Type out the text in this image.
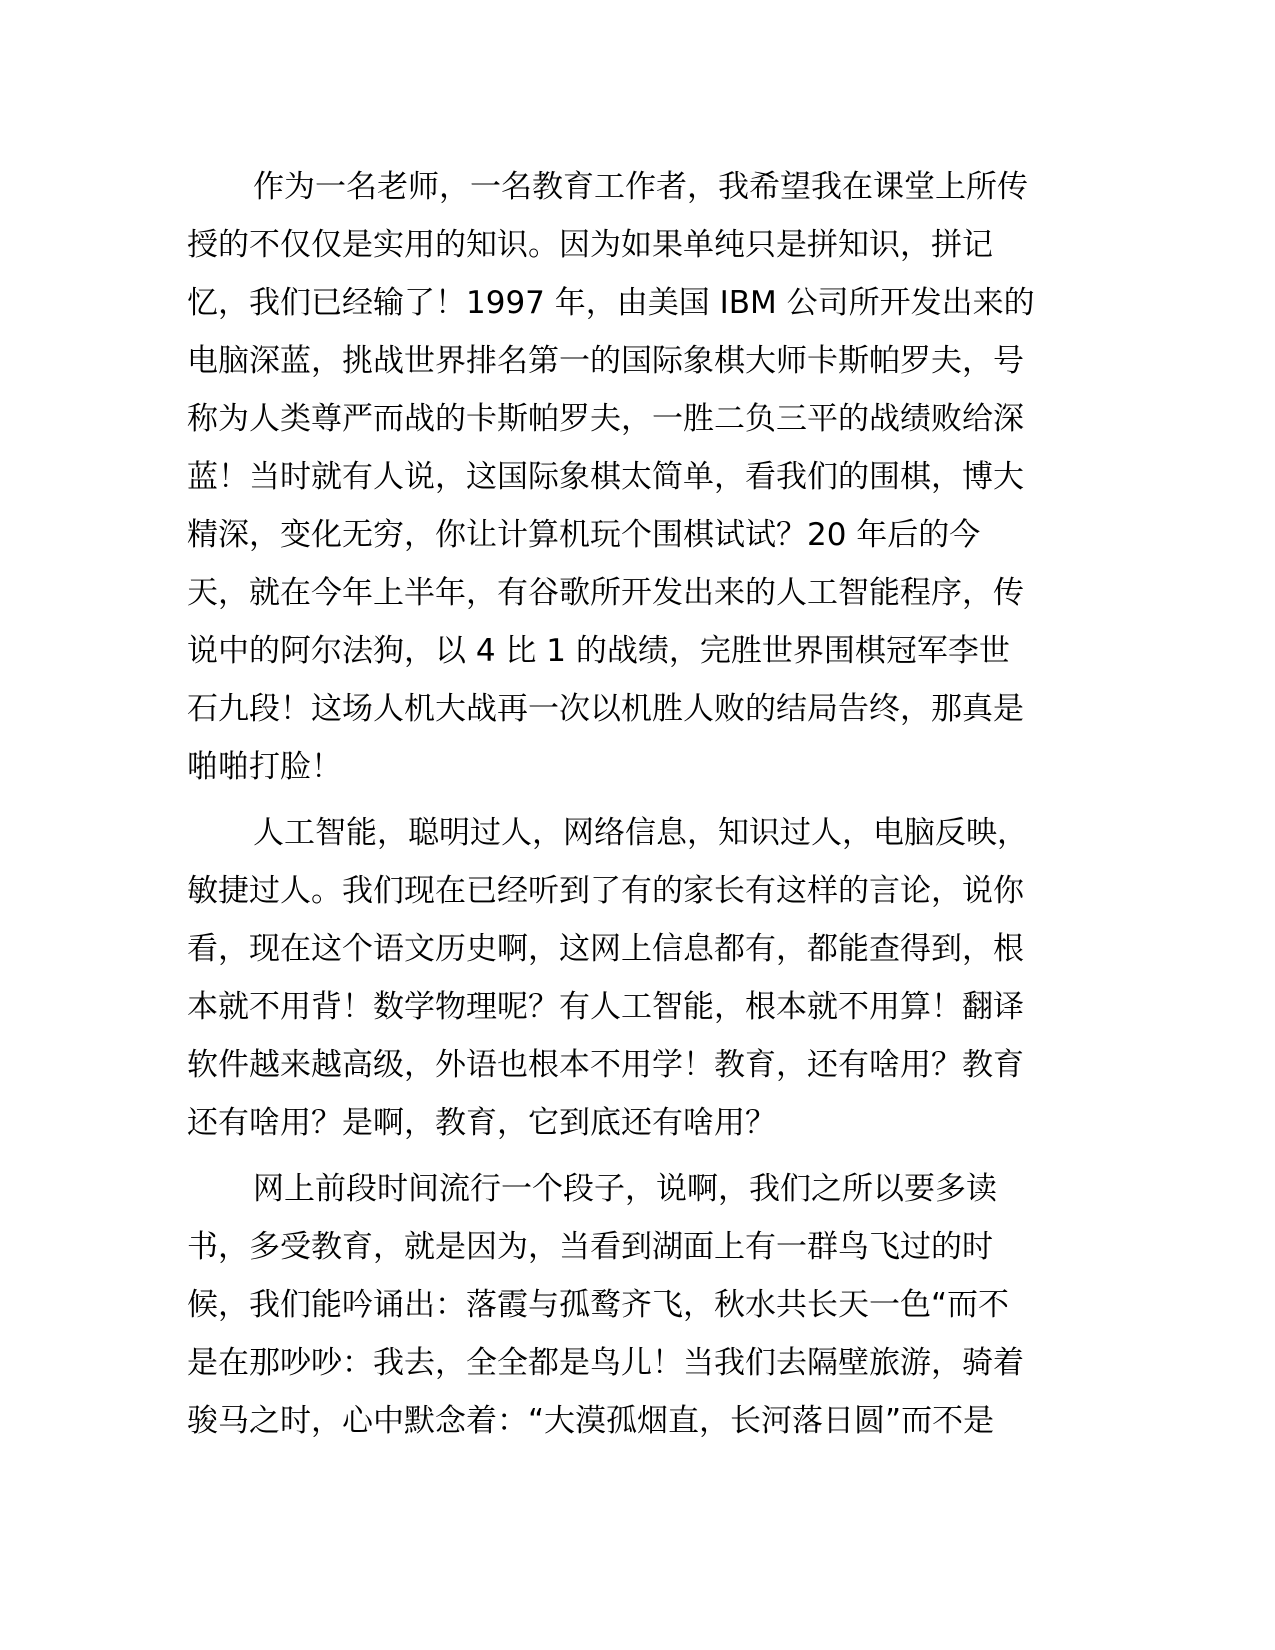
作为一名老师，一名教育工作者，我希望我在课堂上所传
授的不仅仅是实用的知识。因为如果单纯只是拼知识，拼记
忆，我们已经输了！1997 年，由美国 IBM 公司所开发出来的
电脑深蓝，挑战世界排名第一的国际象棋大师卡斯帕罗夫，号
称为人类尊严而战的卡斯帕罗夫，一胜二负三平的战绩败给深
蓝！当时就有人说，这国际象棋太简单，看我们的围棋，博大
精深，变化无穷，你让计算机玩个围棋试试？20 年后的今
天，就在今年上半年，有谷歌所开发出来的人工智能程序，传
说中的阿尔法狗，以 4 比 1 的战绩，完胜世界围棋冠军李世
石九段！这场人机大战再一次以机胜人败的结局告终，那真是
啪啪打脸！
人工智能，聪明过人，网络信息，知识过人，电脑反映，
敏捷过人。我们现在已经听到了有的家长有这样的言论，说你
看，现在这个语文历史啊，这网上信息都有，都能查得到，根
本就不用背！数学物理呢？有人工智能，根本就不用算！翻译
软件越来越高级，外语也根本不用学！教育，还有啥用？教育
还有啥用？是啊，教育，它到底还有啥用？
网上前段时间流行一个段子，说啊，我们之所以要多读
书，多受教育，就是因为，当看到湖面上有一群鸟飞过的时
候，我们能吟诵出：落霞与孤鹜齐飞，秋水共长天一色“而不
是在那吵吵：我去，全全都是鸟儿！当我们去隔壁旅游，骑着
骏马之时，心中默念着：“大漠孤烟直，长河落日圆”而不是
